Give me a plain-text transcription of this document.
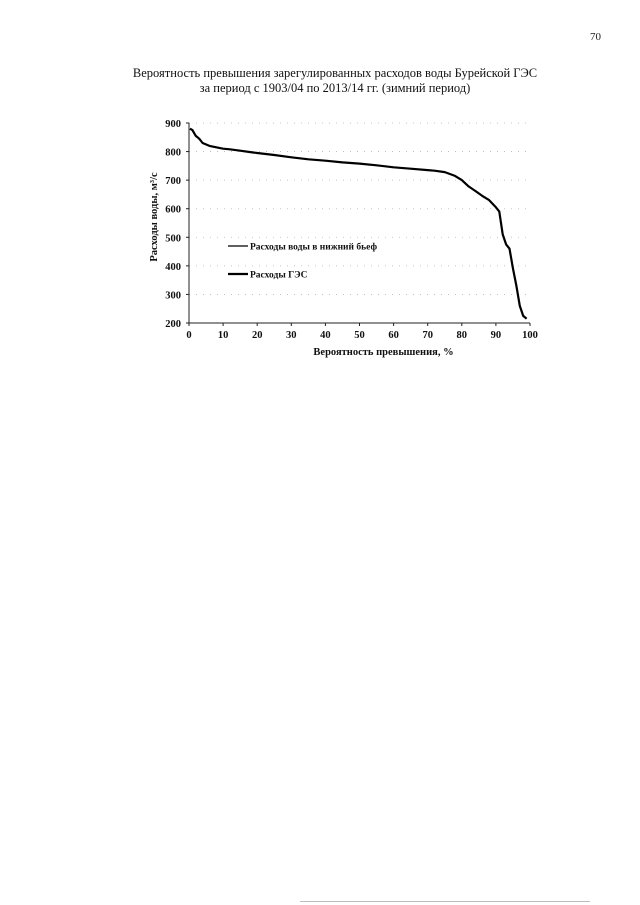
70
Вероятность превышения зарегулированных расходов воды Бурейской ГЭС
за период с 1903/04 по 2013/14 гг. (зимний период)
200
300
400
500
600
700
800
900
0 10 20 30 40 50 60 70 80 90 100
Вероятность превышения, %
Расходы воды, м³/с	Расходы воды в нижний бьеф
Расходы ГЭС
